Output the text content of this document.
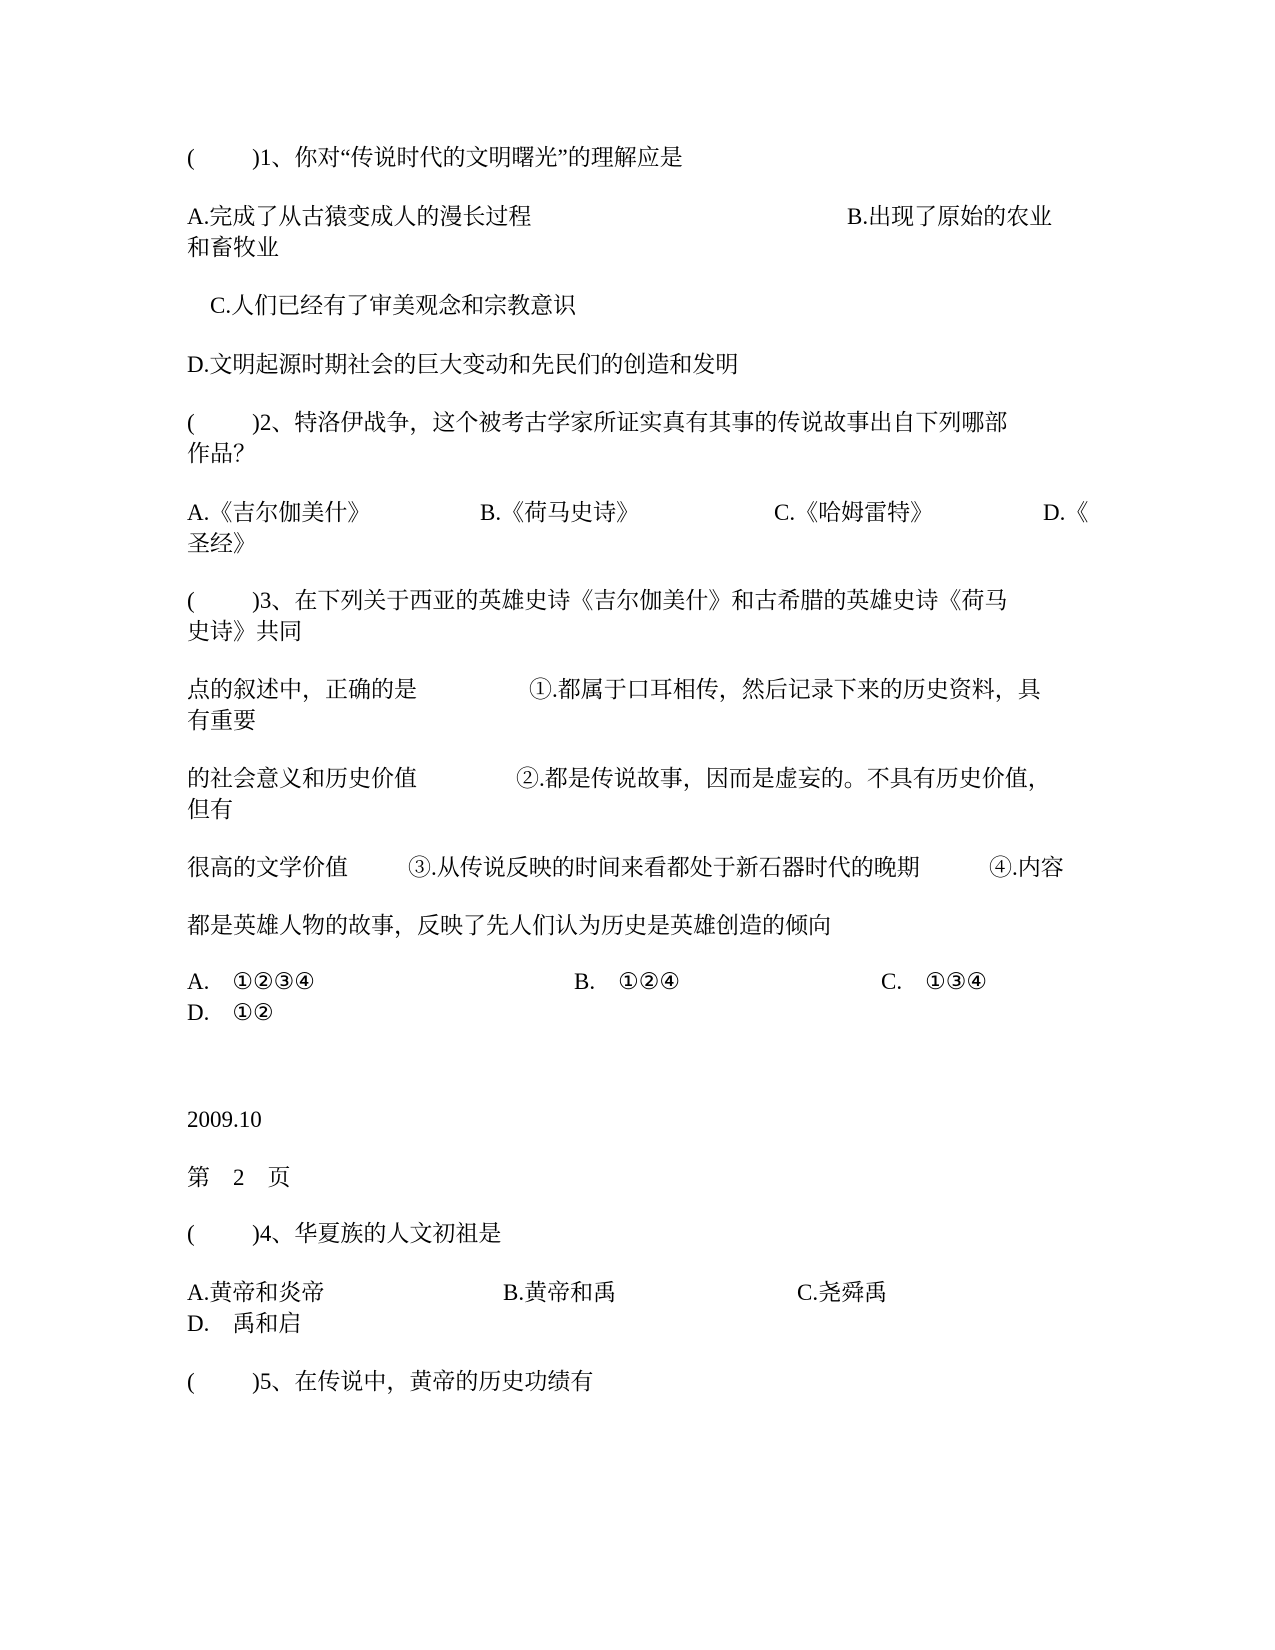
(          )1、你对“传说时代的文明曙光”的理解应是
A.完成了从古猿变成人的漫长过程	B.出现了原始的农业
和畜牧业
C.人们已经有了审美观念和宗教意识
D.文明起源时期社会的巨大变动和先民们的创造和发明
(          )2、特洛伊战争，这个被考古学家所证实真有其事的传说故事出自下列哪部
作品？
A.《吉尔伽美什》	B.《荷马史诗》	C.《哈姆雷特》	D.《
圣经》
(          )3、在下列关于西亚的英雄史诗《吉尔伽美什》和古希腊的英雄史诗《荷马
史诗》共同
点的叙述中，正确的是	①.都属于口耳相传，然后记录下来的历史资料，具
有重要
的社会意义和历史价值	②.都是传说故事，因而是虚妄的。不具有历史价值，
但有
很高的文学价值	③.从传说反映的时间来看都处于新石器时代的晚期	④.内容
都是英雄人物的故事，反映了先人们认为历史是英雄创造的倾向
A.    ①②③④	B.    ①②④	C.    ①③④
D.    ①②
2009.10
第    2    页
(          )4、华夏族的人文初祖是
A.黄帝和炎帝	B.黄帝和禹	C.尧舜禹
D.    禹和启
(          )5、在传说中，黄帝的历史功绩有
